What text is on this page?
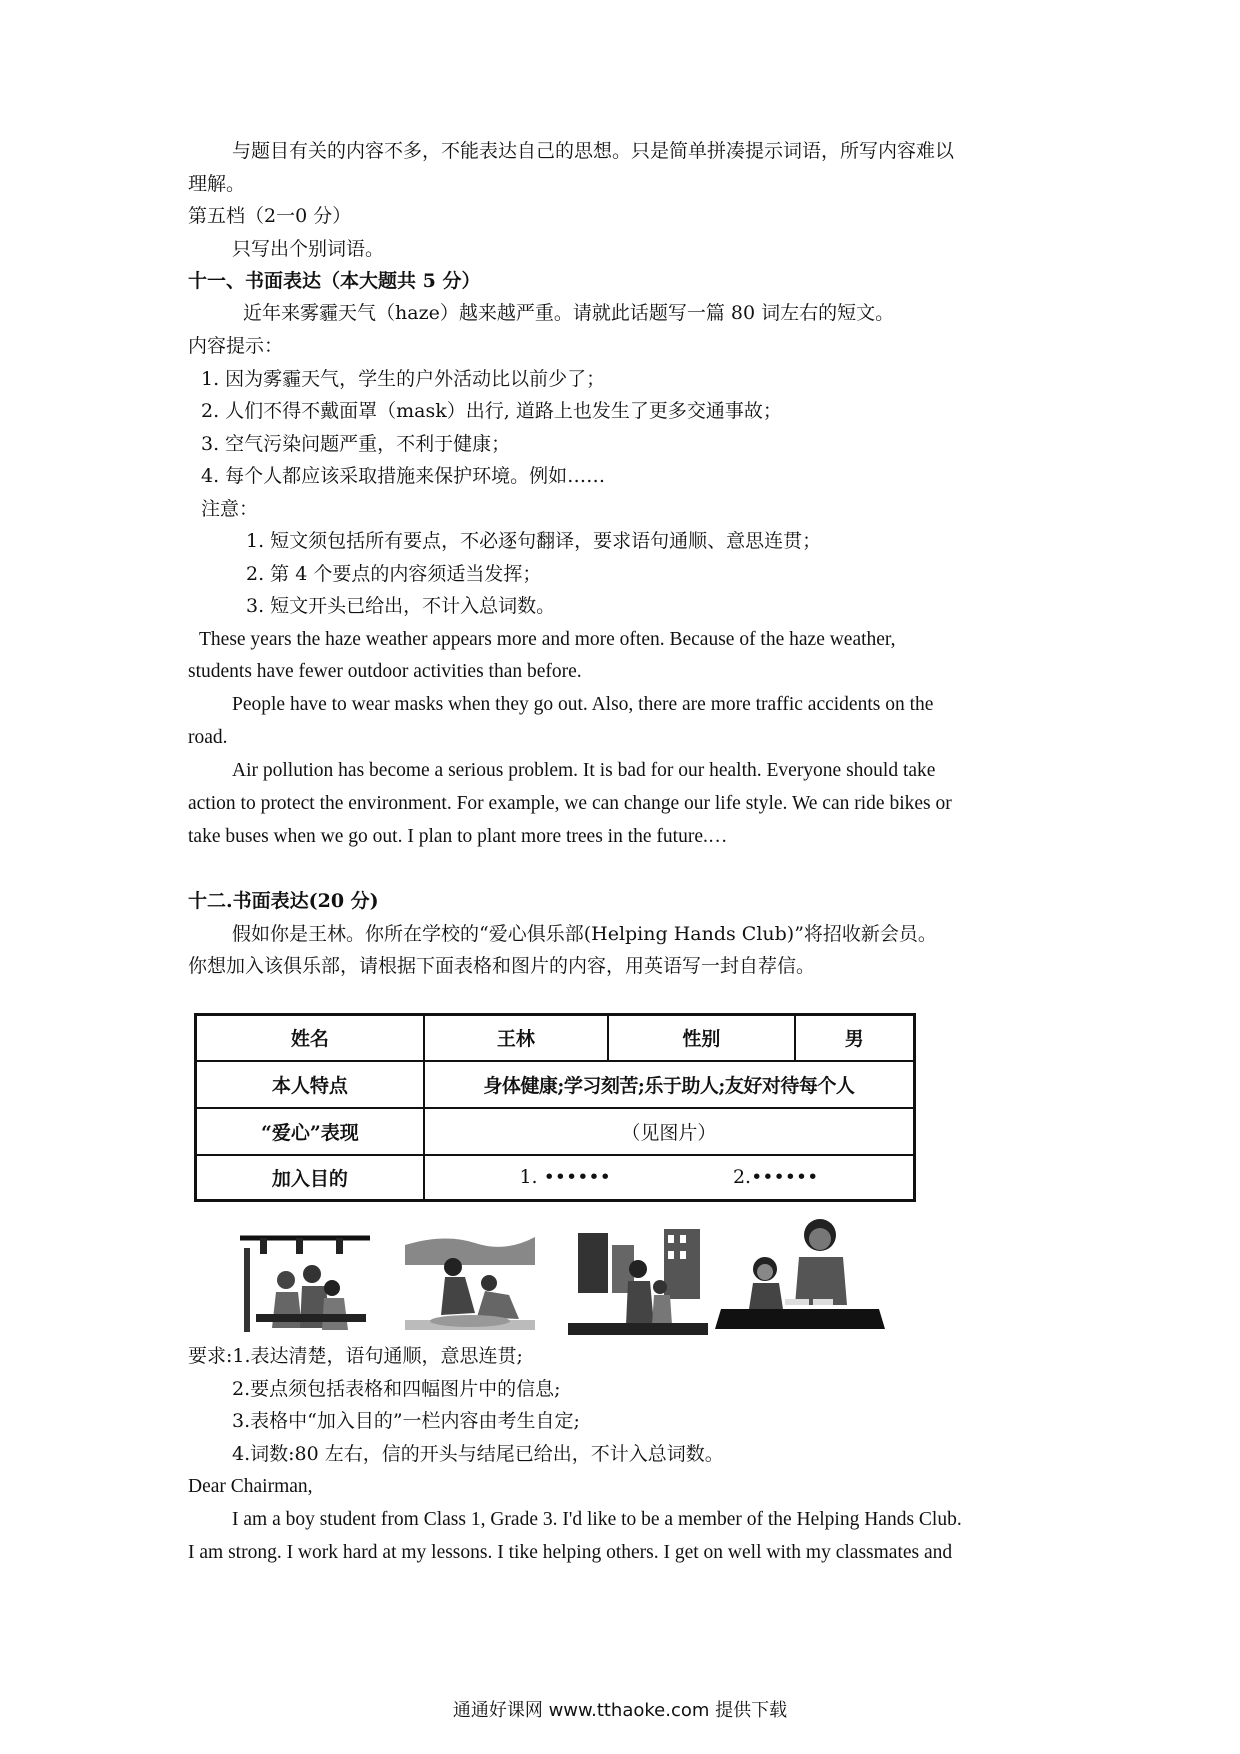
与题目有关的内容不多，不能表达自己的思想。只是简单拼凑提示词语，所写内容难以
理解。
第五档（2一0 分）
只写出个别词语。
十一、书面表达（本大题共 5 分）
近年来雾霾天气（haze）越来越严重。请就此话题写一篇 80 词左右的短文。
内容提示：
1. 因为雾霾天气，学生的户外活动比以前少了；
2. 人们不得不戴面罩（mask）出行, 道路上也发生了更多交通事故；
3. 空气污染问题严重，不利于健康；
4. 每个人都应该采取措施来保护环境。例如……
注意：
1. 短文须包括所有要点，不必逐句翻译，要求语句通顺、意思连贯；
2. 第 4 个要点的内容须适当发挥；
3. 短文开头已给出，不计入总词数。
These years the haze weather appears more and more often. Because of the haze weather,
students have fewer outdoor activities than before.
People have to wear masks when they go out. Also, there are more traffic accidents on the
road.
Air pollution has become a serious problem. It is bad for our health. Everyone should take
action to protect the environment. For example, we can change our life style. We can ride bikes or
take buses when we go out. I plan to plant more trees in the future.…
十二.书面表达(20 分)
假如你是王林。你所在学校的“爱心俱乐部(Helping Hands Club)”将招收新会员。
你想加入该俱乐部，请根据下面表格和图片的内容，用英语写一封自荐信。
要求:1.表达清楚，语句通顺，意思连贯;
2.要点须包括表格和四幅图片中的信息;
3.表格中“加入目的”一栏内容由考生自定;
4.词数:80 左右，信的开头与结尾已给出，不计入总词数。
Dear Chairman,
I am a boy student from Class 1, Grade 3. I'd like to be a member of the Helping Hands Club.
I am strong. I work hard at my lessons. I tike helping others. I get on well with my classmates and
姓名	王林	性别	男
本人特点	身体健康;学习刻苦;乐于助人;友好对待每个人		
“爱心”表现	（见图片）		
加入目的	1. •••••• 2.••••••		
通通好课网 www.tthaoke.com 提供下载
